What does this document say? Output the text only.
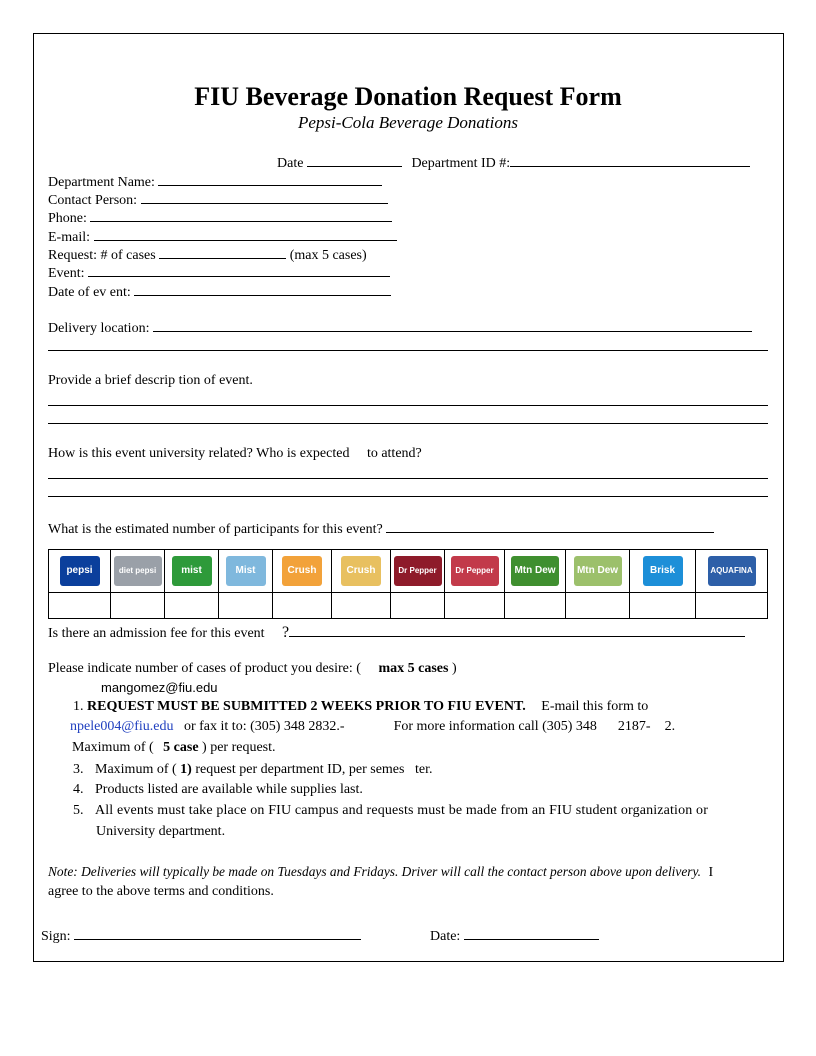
FIU Beverage Donation Request Form
Pepsi-Cola Beverage Donations
Date	Department ID #:
Department Name:
Contact Person:
Phone:
E-mail:
Request: # of cases	(max 5 cases)
Event:
Date of ev ent:
Delivery location:
Provide a brief descrip tion of event.
How is this event university related? Who is expected     to attend?
What is the estimated number of participants for this event?
pepsi	diet pepsi	mist	Mist	Crush	Crush	Dr Pepper	Dr Pepper	Mtn Dew	Mtn Dew	Brisk	AQUAFINA

Is there an admission fee for this event ?
Please indicate number of cases of product you desire: ( max 5 cases )
mangomez@fiu.edu
1. REQUEST MUST BE SUBMITTED 2 WEEKS PRIOR TO FIU EVENT. E-mail this form to
npele004@fiu.edu or fax it to: (305) 348 2832.-	For more information call (305) 348      2187-    2.
Maximum of ( 5 case ) per request.
3. Maximum of ( 1) request per department ID, per semes   ter.
4. Products listed are available while supplies last.
5. All events must take place on FIU campus and requests must be made from an FIU student organization or
University department.
Note: Deliveries will typically be made on Tuesdays and Fridays. Driver will call the contact person above upon delivery. I
agree to the above terms and conditions.
Sign:	Date:
